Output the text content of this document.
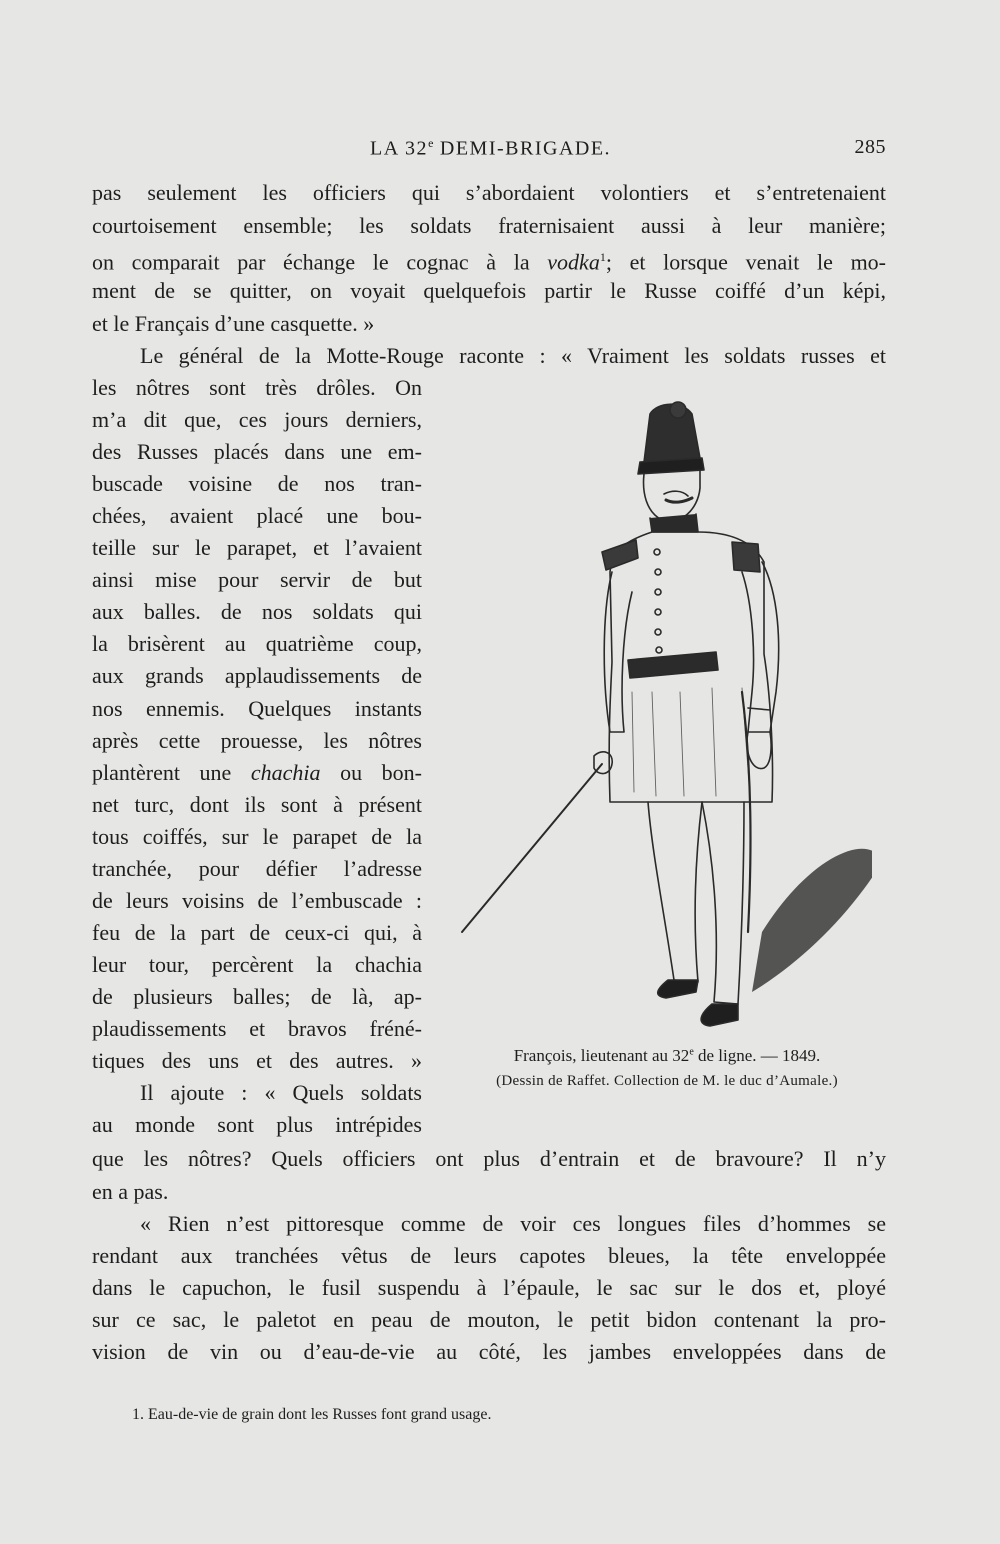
LA 32e DEMI-BRIGADE.	285
pas seulement les officiers qui s’abordaient volontiers et s’entretenaient
courtoisement ensemble; les soldats fraternisaient aussi à leur manière;
on comparait par échange le cognac à la vodka$^1$; et lorsque venait le mo-
ment de se quitter, on voyait quelquefois partir le Russe coiffé d’un képi,
et le Français d’une casquette. »
Le général de la Motte-Rouge raconte : « Vraiment les soldats russes et
les nôtres sont très drôles. On
m’a dit que, ces jours derniers,
des Russes placés dans une em-
buscade voisine de nos tran-
chées, avaient placé une bou-
teille sur le parapet, et l’avaient
ainsi mise pour servir de but
aux balles. de nos soldats qui
la brisèrent au quatrième coup,
aux grands applaudissements de
nos ennemis. Quelques instants
après cette prouesse, les nôtres
plantèrent une chachia ou bon-
net turc, dont ils sont à présent
tous coiffés, sur le parapet de la
tranchée, pour défier l’adresse
de leurs voisins de l’embuscade :
feu de la part de ceux-ci qui, à
leur tour, percèrent la chachia
de plusieurs balles; de là, ap-
plaudissements et bravos fréné-
tiques des uns et des autres. »
Il ajoute : « Quels soldats
au monde sont plus intrépides
que les nôtres? Quels officiers ont plus d’entrain et de bravoure? Il n’y
en a pas.
« Rien n’est pittoresque comme de voir ces longues files d’hommes se
rendant aux tranchées vêtus de leurs capotes bleues, la tête enveloppée
dans le capuchon, le fusil suspendu à l’épaule, le sac sur le dos et, ployé
sur ce sac, le paletot en peau de mouton, le petit bidon contenant la pro-
vision de vin ou d’eau-de-vie au côté, les jambes enveloppées dans de
François, lieutenant au 32e de ligne. — 1849.
(Dessin de Raffet. Collection de M. le duc d’Aumale.)
1. Eau-de-vie de grain dont les Russes font grand usage.
